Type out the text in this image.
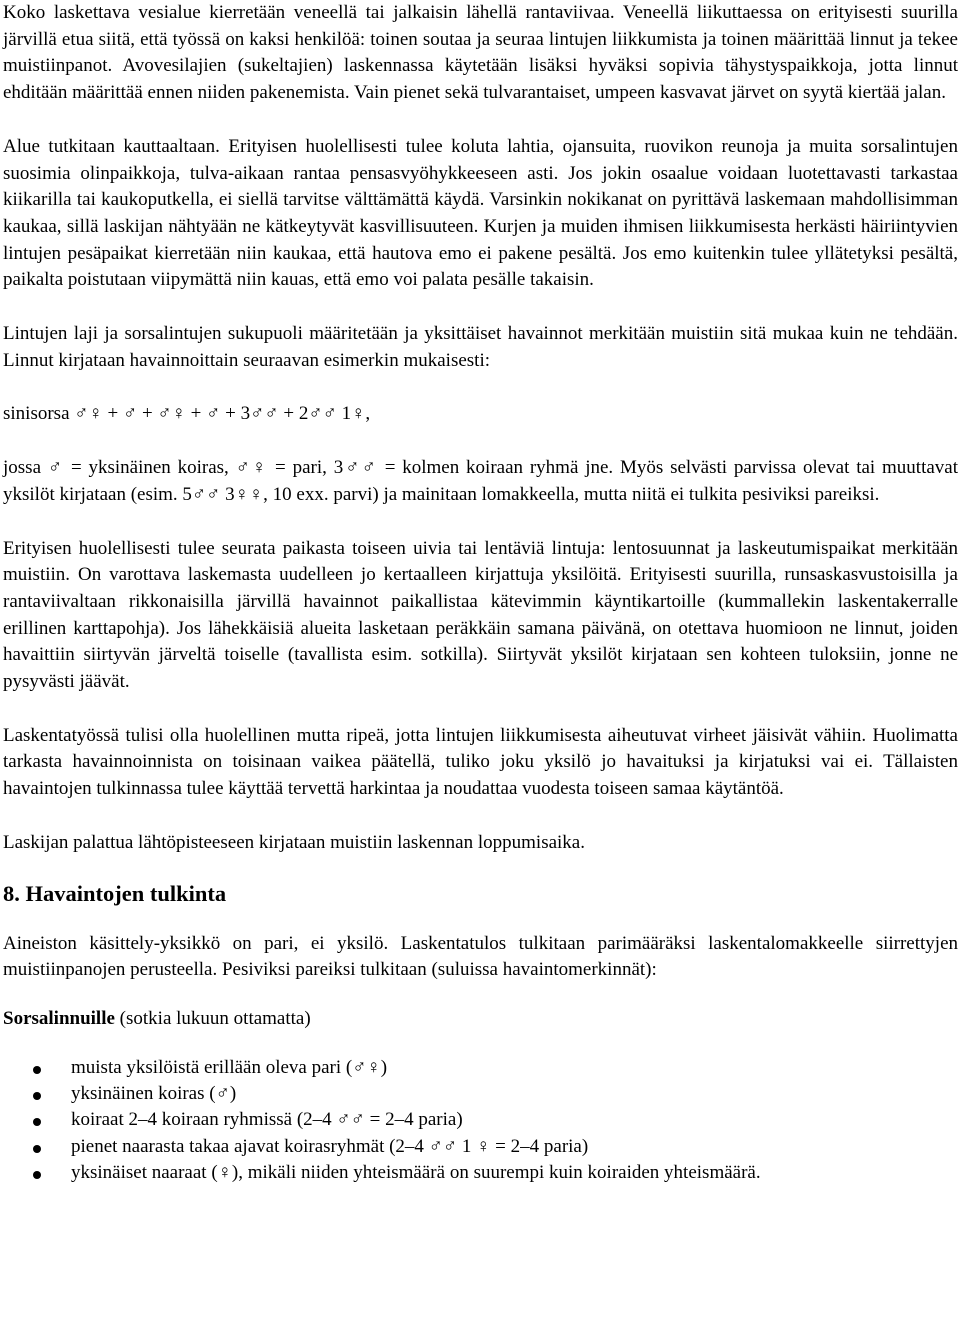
Koko laskettava vesialue kierretään veneellä tai jalkaisin lähellä rantaviivaa. Veneellä liikuttaessa on erityisesti suurilla järvillä etua siitä, että työssä on kaksi henkilöä: toinen soutaa ja seuraa lintujen liikkumista ja toinen määrittää linnut ja tekee muistiinpanot. Avovesilajien (sukeltajien) laskennassa käytetään lisäksi hyväksi sopivia tähystyspaikkoja, jotta linnut ehditään määrittää ennen niiden pakenemista. Vain pienet sekä tulvarantaiset, umpeen kasvavat järvet on syytä kiertää jalan.

Alue tutkitaan kauttaaltaan. Erityisen huolellisesti tulee koluta lahtia, ojansuita, ruovikon reunoja ja muita sorsalintujen suosimia olinpaikkoja, tulva-aikaan rantaa pensasvyöhykkeeseen asti. Jos jokin osaalue voidaan luotettavasti tarkastaa kiikarilla tai kaukoputkella, ei siellä tarvitse välttämättä käydä. Varsinkin nokikanat on pyrittävä laskemaan mahdollisimman kaukaa, sillä laskijan nähtyään ne kätkeytyvät kasvillisuuteen. Kurjen ja muiden ihmisen liikkumisesta herkästi häiriintyvien lintujen pesäpaikat kierretään niin kaukaa, että hautova emo ei pakene pesältä. Jos emo kuitenkin tulee yllätetyksi pesältä, paikalta poistutaan viipymättä niin kauas, että emo voi palata pesälle takaisin.

Lintujen laji ja sorsalintujen sukupuoli määritetään ja yksittäiset havainnot merkitään muistiin sitä mukaa kuin ne tehdään. Linnut kirjataan havainnoittain seuraavan esimerkin mukaisesti:

sinisorsa ♂♀ + ♂ + ♂♀ + ♂ + 3♂♂ + 2♂♂ 1♀,

jossa ♂ = yksinäinen koiras, ♂♀ = pari, 3♂♂ = kolmen koiraan ryhmä jne. Myös selvästi parvissa olevat tai muuttavat yksilöt kirjataan (esim. 5♂♂ 3♀♀, 10 exx. parvi) ja mainitaan lomakkeella, mutta niitä ei tulkita pesiviksi pareiksi.

Erityisen huolellisesti tulee seurata paikasta toiseen uivia tai lentäviä lintuja: lentosuunnat ja laskeutumispaikat merkitään muistiin. On varottava laskemasta uudelleen jo kertaalleen kirjattuja yksilöitä. Erityisesti suurilla, runsaskasvustoisilla ja rantaviivaltaan rikkonaisilla järvillä havainnot paikallistaa kätevimmin käyntikartoille (kummallekin laskentakerralle erillinen karttapohja). Jos lähekkäisiä alueita lasketaan peräkkäin samana päivänä, on otettava huomioon ne linnut, joiden havaittiin siirtyvän järveltä toiselle (tavallista esim. sotkilla). Siirtyvät yksilöt kirjataan sen kohteen tuloksiin, jonne ne pysyvästi jäävät.

Laskentatyössä tulisi olla huolellinen mutta ripeä, jotta lintujen liikkumisesta aiheutuvat virheet jäisivät vähiin. Huolimatta tarkasta havainnoinnista on toisinaan vaikea päätellä, tuliko joku yksilö jo havaituksi ja kirjatuksi vai ei. Tällaisten havaintojen tulkinnassa tulee käyttää tervettä harkintaa ja noudattaa vuodesta toiseen samaa käytäntöä.

Laskijan palattua lähtöpisteeseen kirjataan muistiin laskennan loppumisaika.

8. Havaintojen tulkinta

Aineiston käsittely-yksikkö on pari, ei yksilö. Laskentatulos tulkitaan parimääräksi laskentalomakkeelle siirrettyjen muistiinpanojen perusteella. Pesiviksi pareiksi tulkitaan (suluissa havaintomerkinnät):

Sorsalinnuille (sotkia lukuun ottamatta)

muista yksilöistä erillään oleva pari (♂♀)
yksinäinen koiras (♂)
koiraat 2–4 koiraan ryhmissä (2–4 ♂♂ = 2–4 paria)
pienet naarasta takaa ajavat koirasryhmät (2–4 ♂♂ 1 ♀ = 2–4 paria)
yksinäiset naaraat (♀), mikäli niiden yhteismäärä on suurempi kuin koiraiden yhteismäärä.
